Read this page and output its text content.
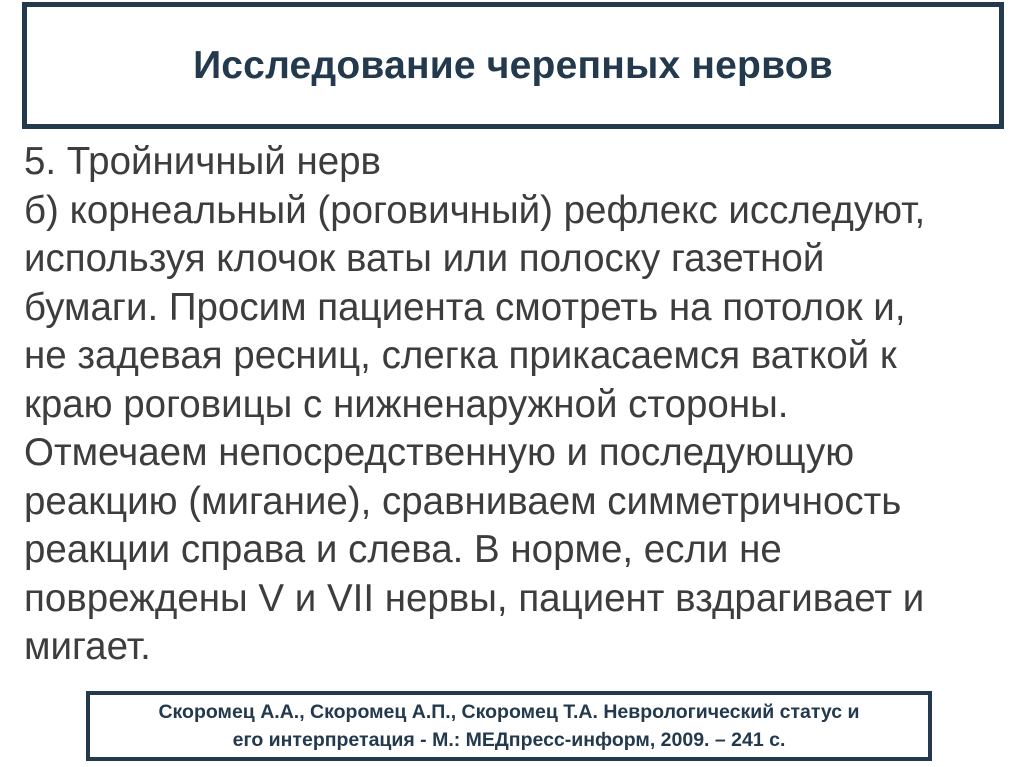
Исследование черепных нервов
5. Тройничный нерв
б) корнеальный (роговичный) рефлекс исследуют,
используя клочок ваты или полоску газетной
бумаги. Просим пациента смотреть на потолок и,
не задевая ресниц, слегка прикасаемся ваткой к
краю роговицы с нижненаружной стороны.
Отмечаем непосредственную и последующую
реакцию (мигание), сравниваем симметричность
реакции справа и слева. В норме, если не
повреждены V и VII нервы, пациент вздрагивает и
мигает.
Скоромец А.А., Скоромец А.П., Скоромец Т.А. Неврологический статус и
его интерпретация - М.: МЕДпресс-информ, 2009. – 241 с.
